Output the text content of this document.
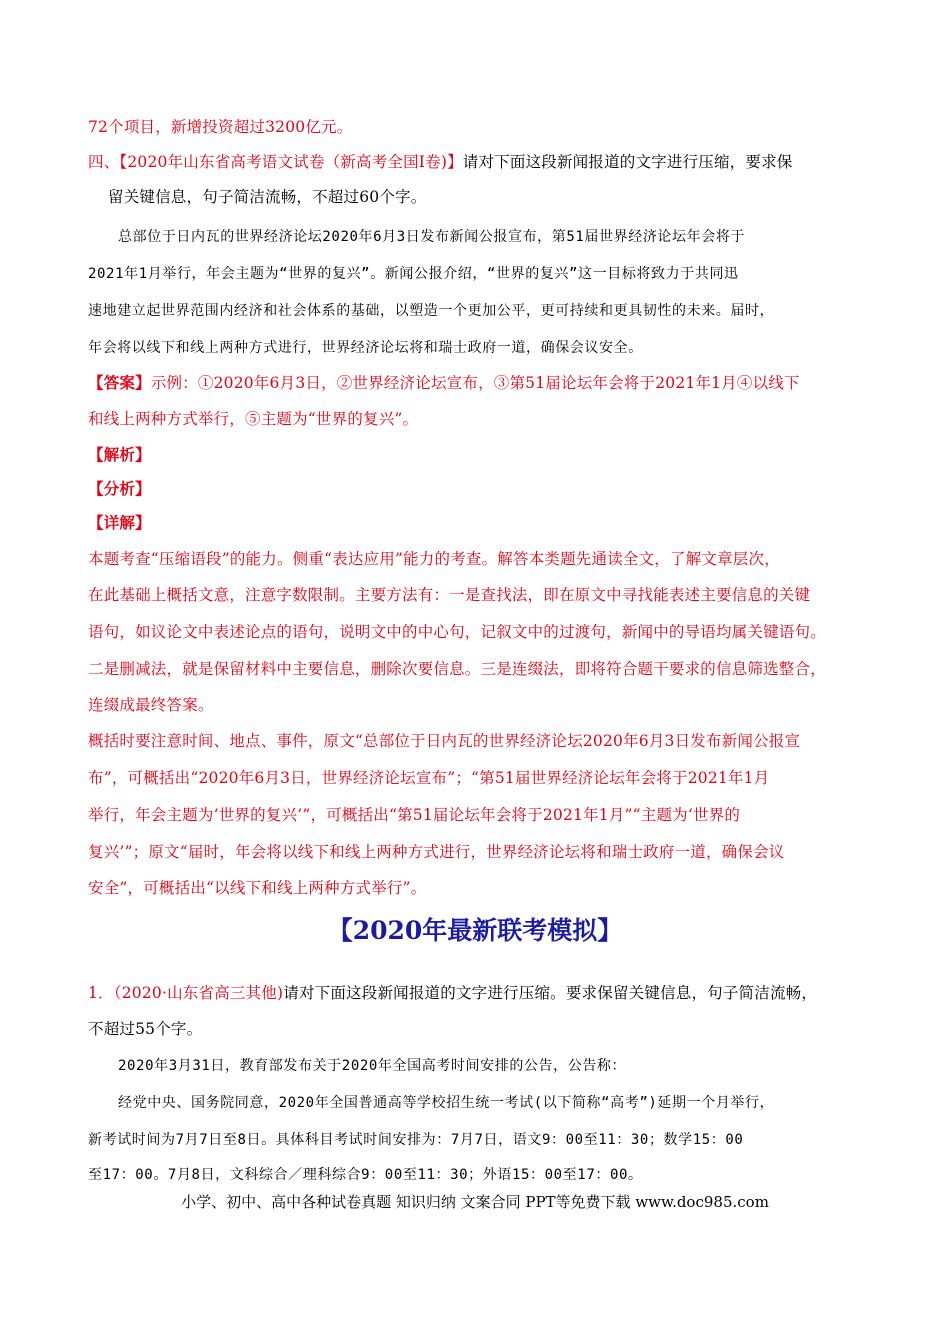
72个项目，新增投资超过3200亿元。
四、【2020年山东省高考语文试卷（新高考全国Ⅰ卷)】请对下面这段新闻报道的文字进行压缩，要求保
留关键信息，句子简洁流畅，不超过60个字。
总部位于日内瓦的世界经济论坛2020年6月3日发布新闻公报宣布，第51届世界经济论坛年会将于
2021年1月举行，年会主题为“世界的复兴”。新闻公报介绍，“世界的复兴”这一目标将致力于共同迅
速地建立起世界范围内经济和社会体系的基础，以塑造一个更加公平，更可持续和更具韧性的未来。届时，
年会将以线下和线上两种方式进行，世界经济论坛将和瑞士政府一道，确保会议安全。
【答案】示例：①2020年6月3日，②世界经济论坛宣布，③第51届论坛年会将于2021年1月④以线下
和线上两种方式举行，⑤主题为“世界的复兴”。
【解析】
【分析】
【详解】
本题考查“压缩语段”的能力。侧重“表达应用”能力的考查。解答本类题先通读全文，了解文章层次，
在此基础上概括文意，注意字数限制。主要方法有：一是查找法，即在原文中寻找能表述主要信息的关键
语句，如议论文中表述论点的语句，说明文中的中心句，记叙文中的过渡句，新闻中的导语均属关键语句。
二是删减法，就是保留材料中主要信息，删除次要信息。三是连缀法，即将符合题干要求的信息筛选整合，
连缀成最终答案。
概括时要注意时间、地点、事件，原文“总部位于日内瓦的世界经济论坛2020年6月3日发布新闻公报宣
布”，可概括出“2020年6月3日，世界经济论坛宣布”；“第51届世界经济论坛年会将于2021年1月
举行，年会主题为‘世界的复兴’”，可概括出“第51届论坛年会将于2021年1月”“主题为‘世界的
复兴’”；原文“届时，年会将以线下和线上两种方式进行，世界经济论坛将和瑞士政府一道，确保会议
安全”，可概括出“以线下和线上两种方式举行”。
【2020年最新联考模拟】
1．（2020·山东省高三其他)请对下面这段新闻报道的文字进行压缩。要求保留关键信息，句子简洁流畅，
不超过55个字。
2020年3月31日，教育部发布关于2020年全国高考时间安排的公告，公告称：
经党中央、国务院同意，2020年全国普通高等学校招生统一考试(以下简称“高考”)延期一个月举行，
新考试时间为7月7日至8日。具体科目考试时间安排为：7月7日，语文9：00至11：30；数学15：00
至17：00。7月8日，文科综合／理科综合9：00至11：30；外语15：00至17：00。
小学、初中、高中各种试卷真题 知识归纳 文案合同 PPT等免费下载 www.doc985.com
